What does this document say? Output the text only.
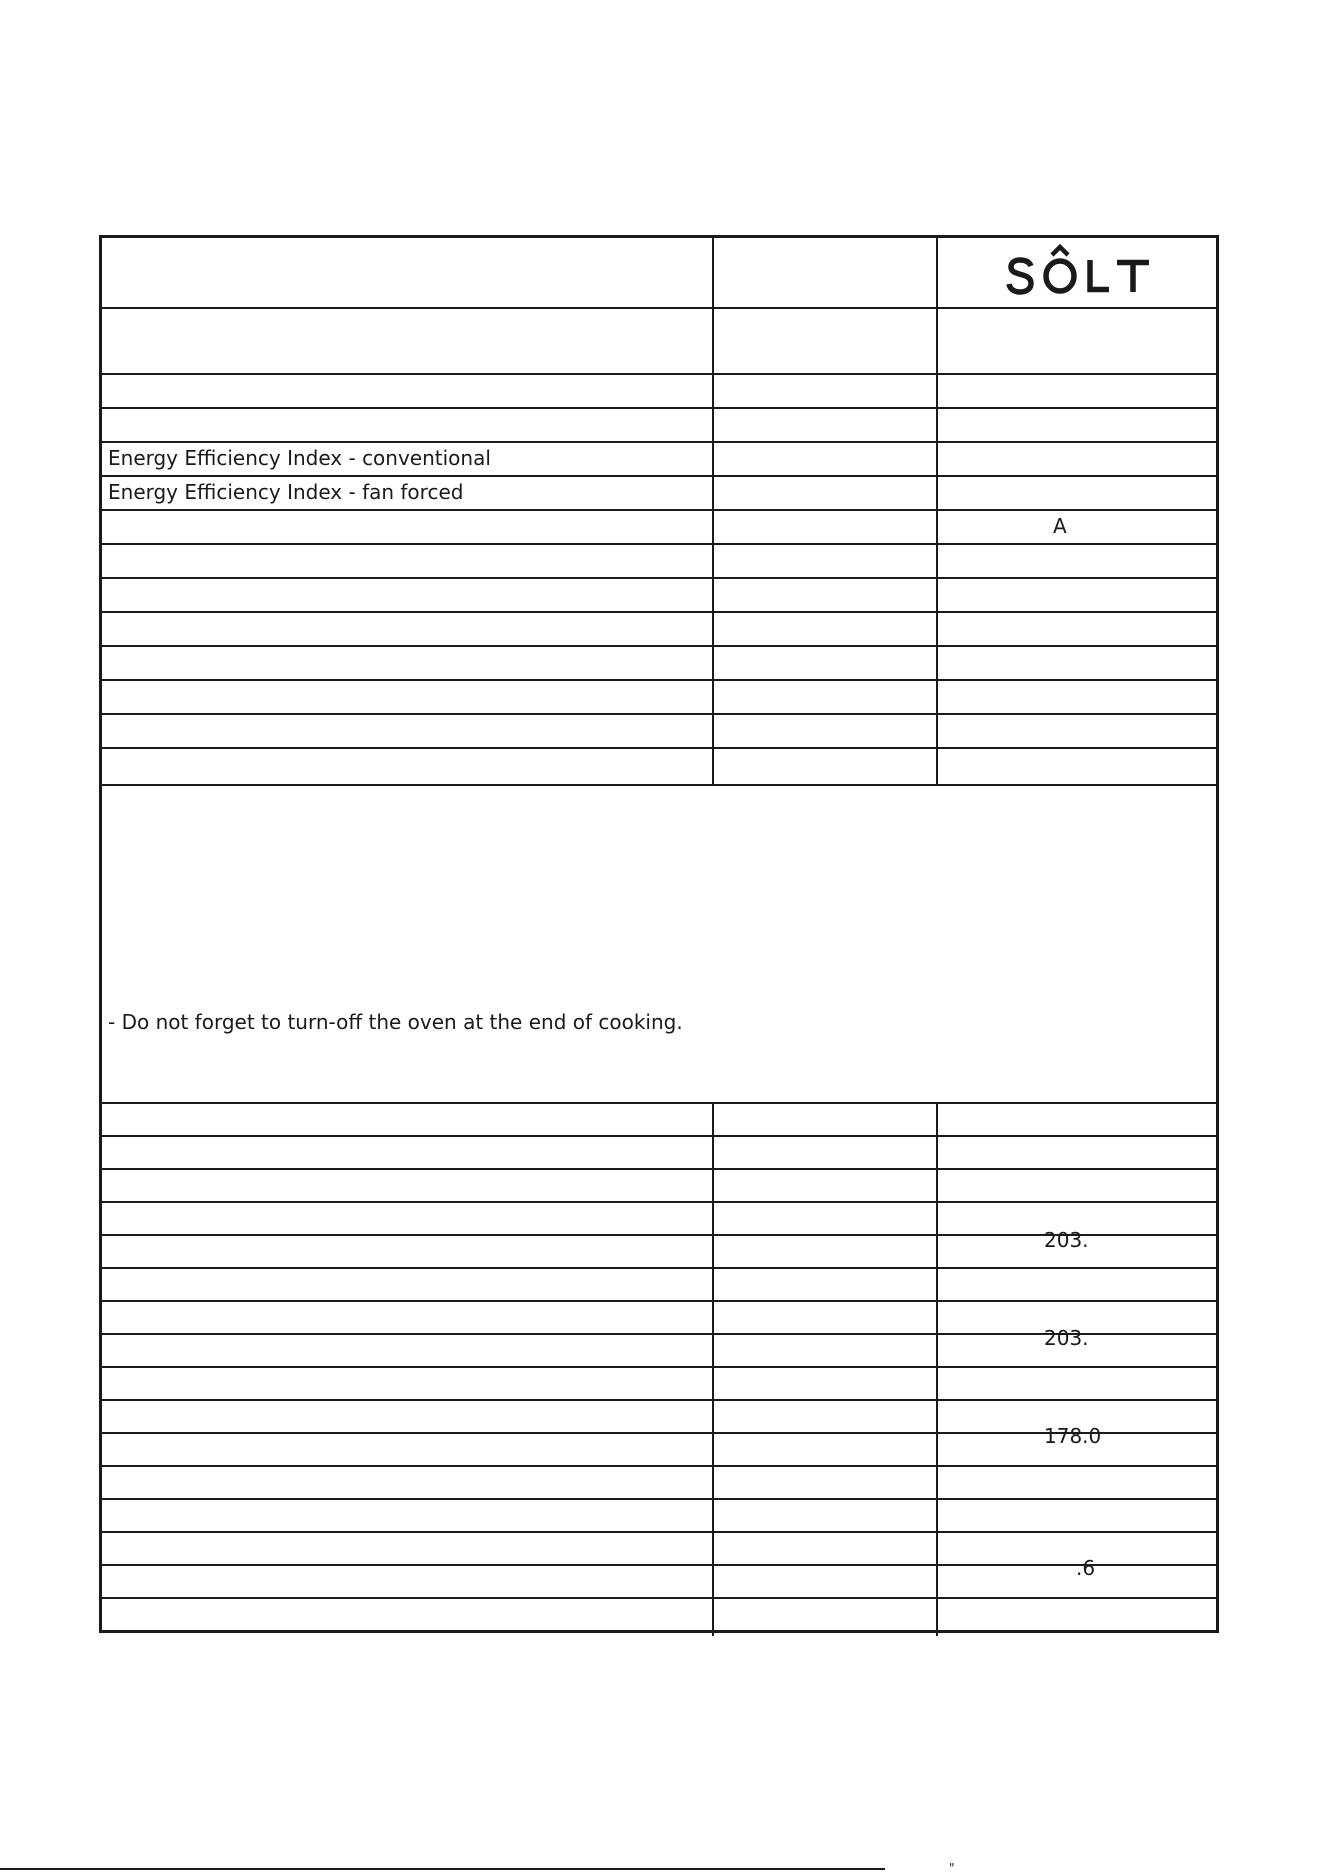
Energy Efficiency Index - conventional
Energy Efficiency Index - fan forced
A
203.
203.
178.0
.6
- Do not forget to turn-off the oven at the end of cooking.
"
